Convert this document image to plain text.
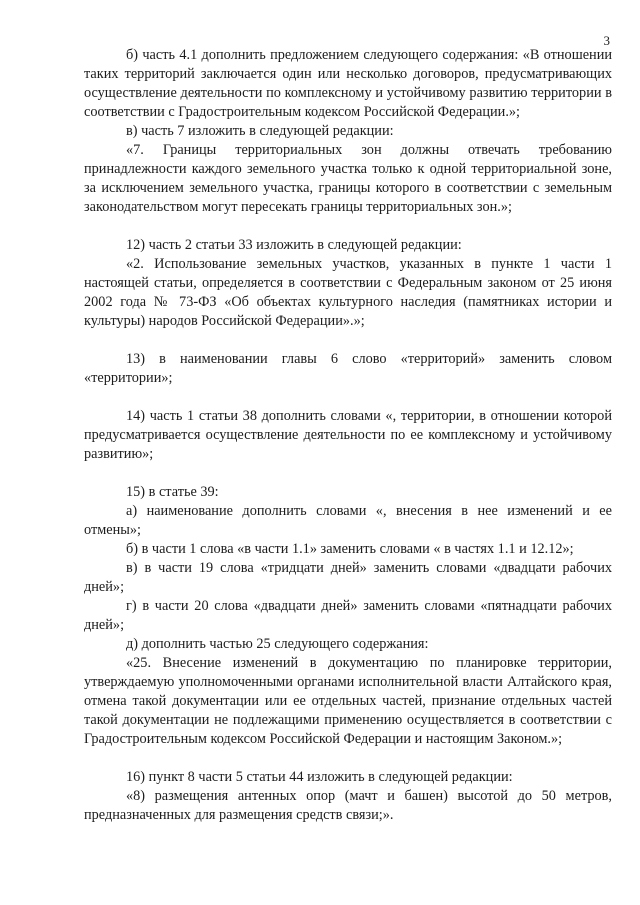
3

б) часть 4.1 дополнить предложением следующего содержания: «В отношении таких территорий заключается один или несколько договоров, предусматривающих осуществление деятельности по комплексному и устойчивому развитию территории в соответствии с Градостроительным кодексом Российской Федерации.»;

в) часть 7 изложить в следующей редакции:

«7. Границы территориальных зон должны отвечать требованию принадлежности каждого земельного участка только к одной территориальной зоне, за исключением земельного участка, границы которого в соответствии с земельным законодательством могут пересекать границы территориальных зон.»;

12) часть 2 статьи 33 изложить в следующей редакции:

«2. Использование земельных участков, указанных в пункте 1 части 1 настоящей статьи, определяется в соответствии с Федеральным законом от 25 июня 2002 года № 73-ФЗ «Об объектах культурного наследия (памятниках истории и культуры) народов Российской Федерации».»;

13) в наименовании главы 6 слово «территорий» заменить словом «территории»;

14) часть 1 статьи 38 дополнить словами «, территории, в отношении которой предусматривается осуществление деятельности по ее комплексному и устойчивому развитию»;

15) в статье 39:

а) наименование дополнить словами «, внесения в нее изменений и ее отмены»;

б) в части 1 слова «в части 1.1» заменить словами « в частях 1.1 и 12.12»;

в) в части 19 слова «тридцати дней» заменить словами «двадцати рабочих дней»;

г) в части 20 слова «двадцати дней» заменить словами «пятнадцати рабочих дней»;

д) дополнить частью 25 следующего содержания:

«25. Внесение изменений в документацию по планировке территории, утверждаемую уполномоченными органами исполнительной власти Алтайского края, отмена такой документации или ее отдельных частей, признание отдельных частей такой документации не подлежащими применению осуществляется в соответствии с Градостроительным кодексом Российской Федерации и настоящим Законом.»;

16) пункт 8 части 5 статьи 44 изложить в следующей редакции:

«8) размещения антенных опор (мачт и башен) высотой до 50 метров, предназначенных для размещения средств связи;».
